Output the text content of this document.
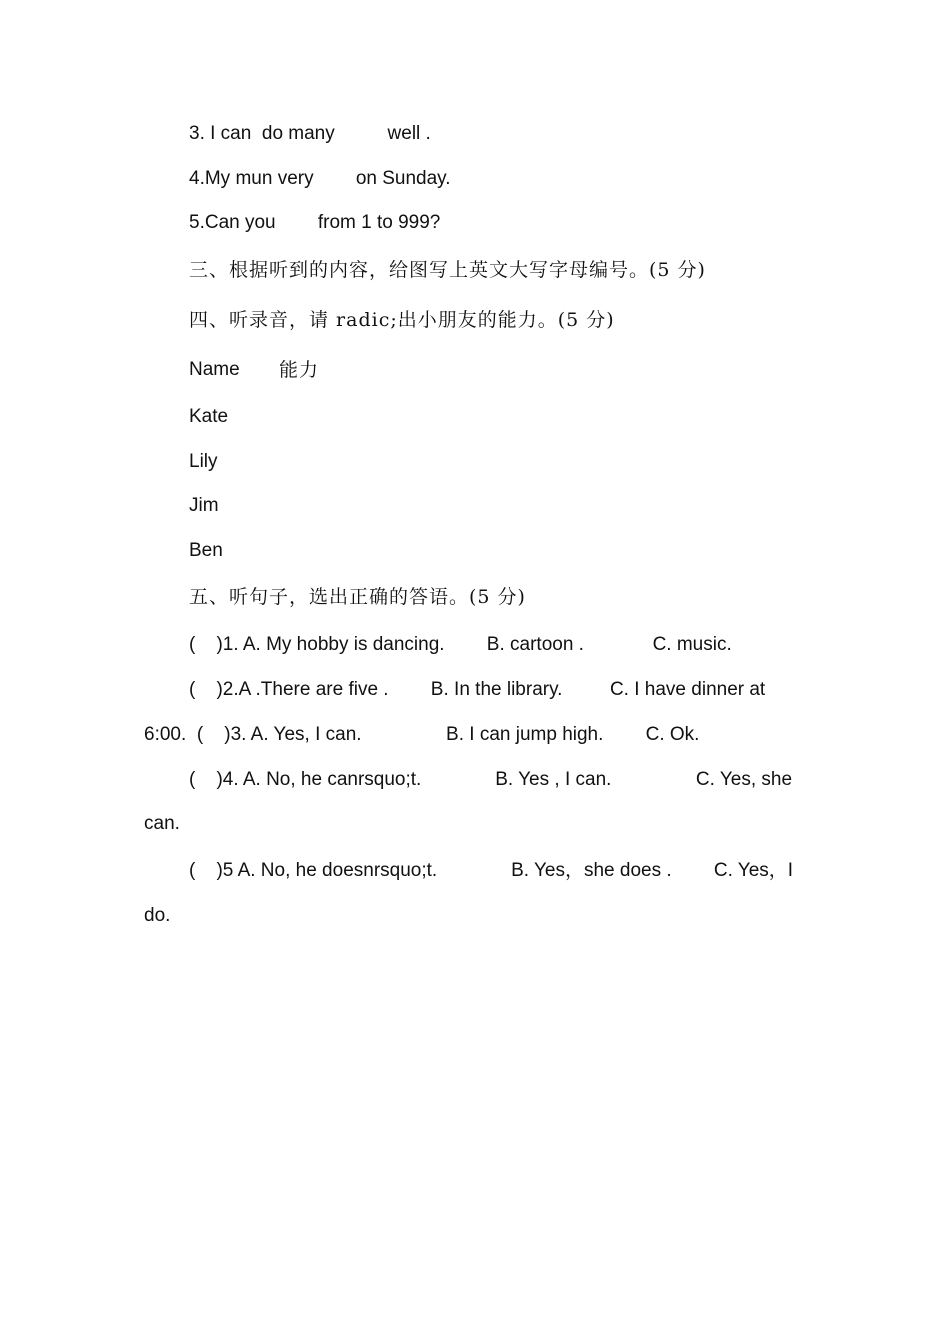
3. I can  do many          well .
4.My mun very        on Sunday.
5.Can you        from 1 to 999?
三、根据听到的内容，给图写上英文大写字母编号。(5 分)
四、听录音，请 radic;出小朋友的能力。(5 分)
Name 能力
Kate
Lily
Jim
Ben
五、听句子，选出正确的答语。(5 分)
(    )1. A. My hobby is dancing.        B. cartoon .             C. music.
(    )2.A .There are five .        B. In the library.         C. I have dinner at
6:00.  (    )3. A. Yes, I can.                B. I can jump high.        C. Ok.
(    )4. A. No, he canrsquo;t.              B. Yes , I can.                C. Yes, she
can.
(    )5 A. No, he doesnrsquo;t.              B. Yes，she does .        C. Yes，I
do.
